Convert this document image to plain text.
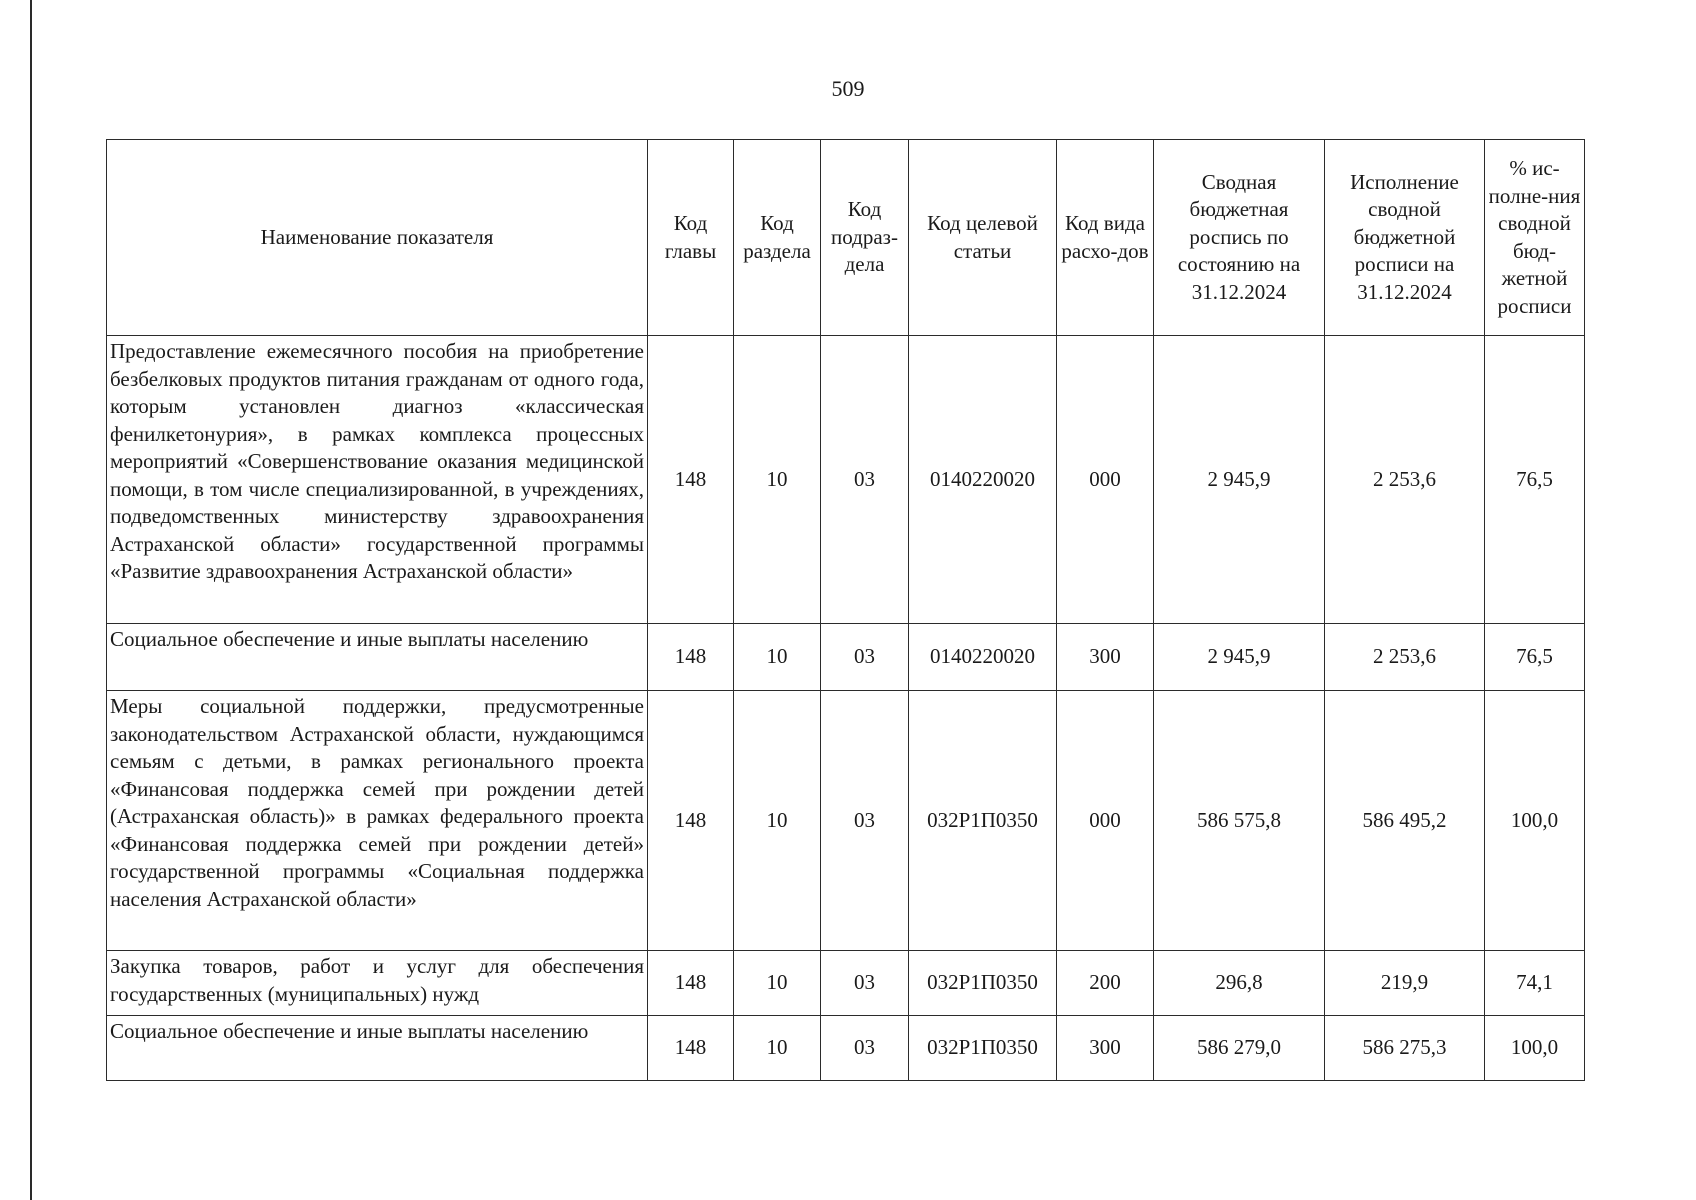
509
Наименование показателя	Код главы	Код раздела	Код подраз-дела	Код целевой статьи	Код вида расхо-дов	Сводная бюджетная роспись по состоянию на 31.12.2024	Исполнение сводной бюджетной росписи на 31.12.2024	% ис-полне-ния сводной бюд-жетной росписи
Предоставление ежемесячного пособия на приобретение безбелковых продуктов питания гражданам от одного года, которым установлен диагноз «классическая фенилкетонурия», в рамках комплекса процессных мероприятий «Совершенствование оказания медицинской помощи, в том числе специализированной, в учреждениях, подведомственных министерству здравоохранения Астраханской области» государственной программы «Развитие здравоохранения Астраханской области»	148	10	03	0140220020	000	2 945,9	2 253,6	76,5
Социальное обеспечение и иные выплаты населению	148	10	03	0140220020	300	2 945,9	2 253,6	76,5
Меры социальной поддержки, предусмотренные законодательством Астраханской области, нуждающимся семьям с детьми, в рамках регионального проекта «Финансовая поддержка семей при рождении детей (Астраханская область)» в рамках федерального проекта «Финансовая поддержка семей при рождении детей» государственной программы «Социальная поддержка населения Астраханской области»	148	10	03	032Р1П0350	000	586 575,8	586 495,2	100,0
Закупка товаров, работ и услуг для обеспечения государственных (муниципальных) нужд	148	10	03	032Р1П0350	200	296,8	219,9	74,1
Социальное обеспечение и иные выплаты населению	148	10	03	032Р1П0350	300	586 279,0	586 275,3	100,0
